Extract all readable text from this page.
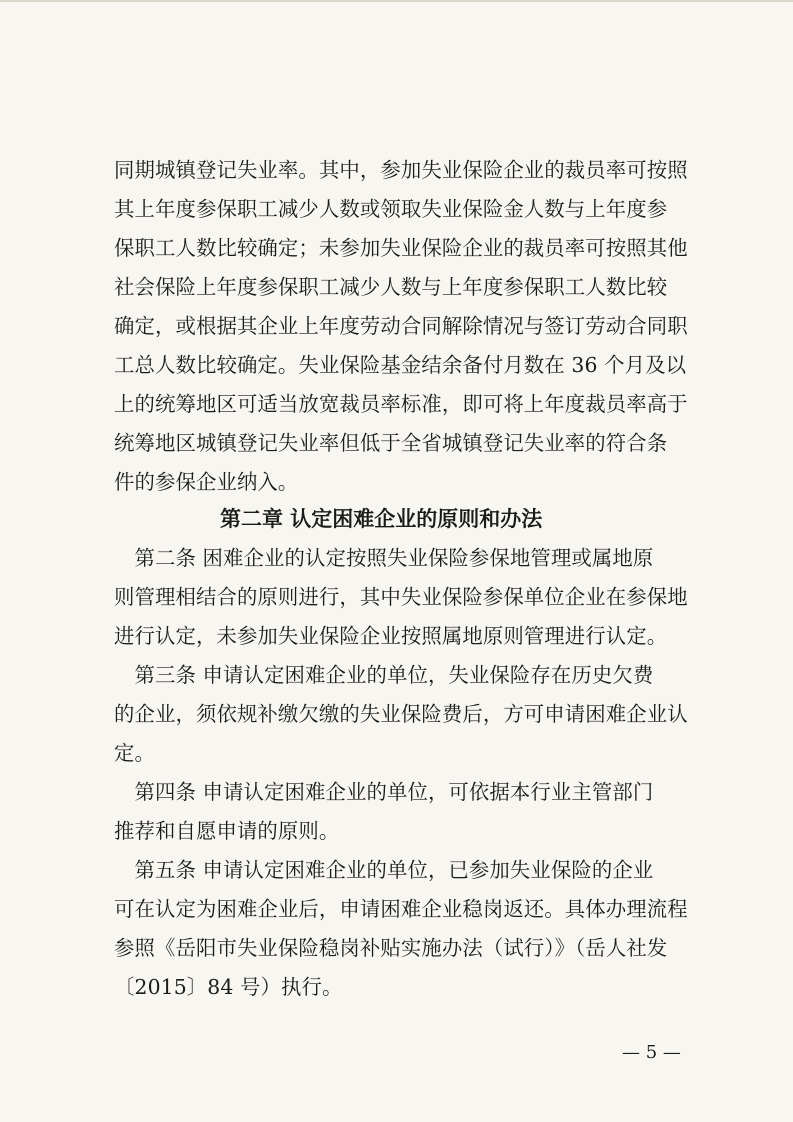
同期城镇登记失业率。其中，参加失业保险企业的裁员率可按照
其上年度参保职工减少人数或领取失业保险金人数与上年度参
保职工人数比较确定；未参加失业保险企业的裁员率可按照其他
社会保险上年度参保职工减少人数与上年度参保职工人数比较
确定，或根据其企业上年度劳动合同解除情况与签订劳动合同职
工总人数比较确定。失业保险基金结余备付月数在 36 个月及以
上的统筹地区可适当放宽裁员率标准，即可将上年度裁员率高于
统筹地区城镇登记失业率但低于全省城镇登记失业率的符合条
件的参保企业纳入。
第二章 认定困难企业的原则和办法
　第二条 困难企业的认定按照失业保险参保地管理或属地原
则管理相结合的原则进行，其中失业保险参保单位企业在参保地
进行认定，未参加失业保险企业按照属地原则管理进行认定。
　第三条 申请认定困难企业的单位，失业保险存在历史欠费
的企业，须依规补缴欠缴的失业保险费后，方可申请困难企业认
定。
　第四条 申请认定困难企业的单位，可依据本行业主管部门
推荐和自愿申请的原则。
　第五条 申请认定困难企业的单位，已参加失业保险的企业
可在认定为困难企业后，申请困难企业稳岗返还。具体办理流程
参照《岳阳市失业保险稳岗补贴实施办法（试行）》（岳人社发
〔2015〕84 号）执行。
— 5 —
